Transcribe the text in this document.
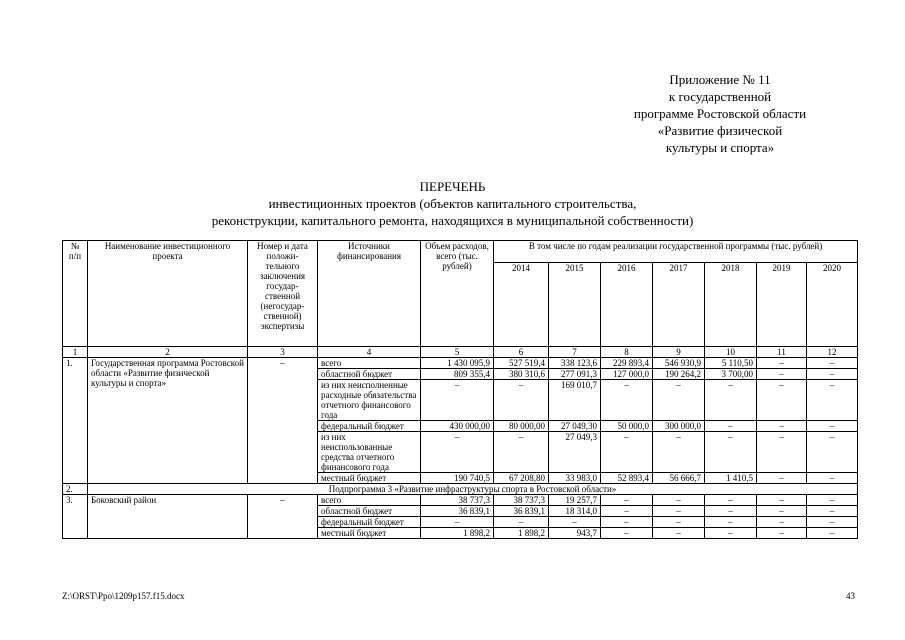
Приложение № 11
к государственной
программе Ростовской области
«Развитие физической
культуры и спорта»
ПЕРЕЧЕНЬ
инвестиционных проектов (объектов капитального строительства,
реконструкции, капитального ремонта, находящихся в муниципальной собственности)
№ п/п	Наименование инвестиционного проекта	Номер и дата положи- тельного заключения государ- ственной (негосудар- ственной) экспертизы	Источники финансирования	Объем расходов, всего (тыс. рублей)	В том числе по годам реализации государственной программы (тыс. рублей)						
					2014	2015	2016	2017	2018	2019	2020
1	2	3	4	5	6	7	8	9	10	11	12
1.	Государственная программа Ростовской области «Развитие физической культуры и спорта»	–	всего	1 430 095,9	527 519,4	338 123,6	229 893,4	546 930,9	5 110,50	–	–
			областной бюджет	809 355,4	380 310,6	277 091,3	127 000,0	190 264,2	3 700,00	–	–
			из них неисполненные расходные обязательства отчетного финансового года	–	–	169 010,7	–	–	–	–	–
			федеральный бюджет	430 000,00	80 000,00	27 049,30	50 000,0	300 000,0	–	–	–
			из них неиспользованные средства отчетного финансового года	–	–	27 049,3	–	–	–	–	–
			местный бюджет	190 740,5	67 208,80	33 983,0	52 893,4	56 666,7	1 410,5	–	–
2.	Подпрограмма 3 «Развитие инфраструктуры спорта в Ростовской области»										
3.	Боковский район	–	всего	38 737,3	38 737,3	19 257,7	–	–	–	–	–
			областной бюджет	36 839,1	36 839,1	18 314,0	–	–	–	–	–
			федеральный бюджет	–	–	–	–	–	–	–	–
			местный бюджет	1 898,2	1 898,2	943,7	–	–	–	–	–
Z:\ORST\Ppo\1209p157.f15.docx	43
